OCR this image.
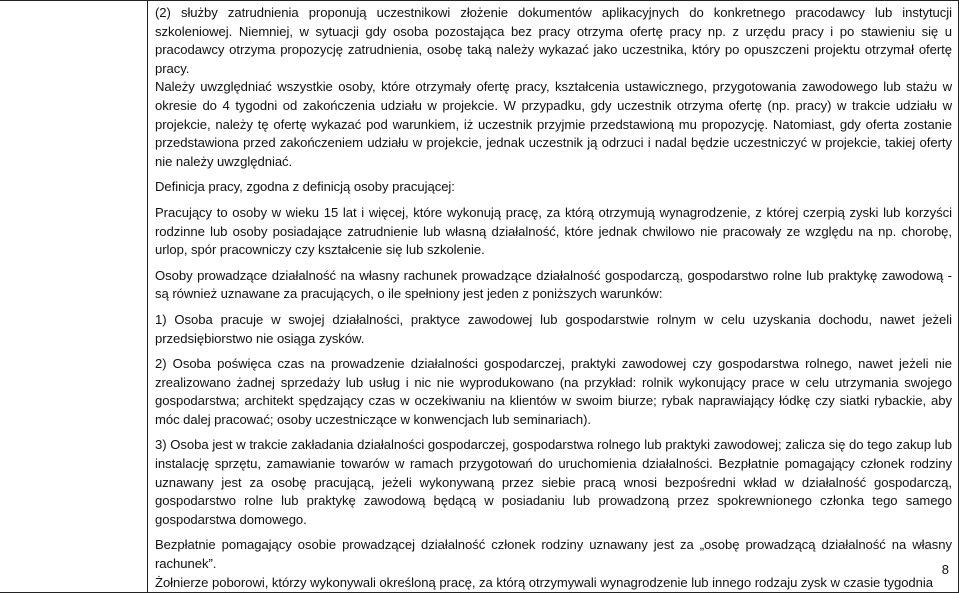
(2) służby zatrudnienia proponują uczestnikowi złożenie dokumentów aplikacyjnych do konkretnego pracodawcy lub instytucji szkoleniowej. Niemniej, w sytuacji gdy osoba pozostająca bez pracy otrzyma ofertę pracy np. z urzędu pracy i po stawieniu się u pracodawcy otrzyma propozycję zatrudnienia, osobę taką należy wykazać jako uczestnika, który po opuszczeni projektu otrzymał ofertę pracy.

Należy uwzględniać wszystkie osoby, które otrzymały ofertę pracy, kształcenia ustawicznego, przygotowania zawodowego lub stażu w okresie do 4 tygodni od zakończenia udziału w projekcie. W przypadku, gdy uczestnik otrzyma ofertę (np. pracy) w trakcie udziału w projekcie, należy tę ofertę wykazać pod warunkiem, iż uczestnik przyjmie przedstawioną mu propozycję. Natomiast, gdy oferta zostanie przedstawiona przed zakończeniem udziału w projekcie, jednak uczestnik ją odrzuci i nadal będzie uczestniczyć w projekcie, takiej oferty nie należy uwzględniać.

Definicja pracy, zgodna z definicją osoby pracującej:

Pracujący to osoby w wieku 15 lat i więcej, które wykonują pracę, za którą otrzymują wynagrodzenie, z której czerpią zyski lub korzyści rodzinne lub osoby posiadające zatrudnienie lub własną działalność, które jednak chwilowo nie pracowały ze względu na np. chorobę, urlop, spór pracowniczy czy kształcenie się lub szkolenie.

Osoby prowadzące działalność na własny rachunek prowadzące działalność gospodarczą, gospodarstwo rolne lub praktykę zawodową - są również uznawane za pracujących, o ile spełniony jest jeden z poniższych warunków:

1) Osoba pracuje w swojej działalności, praktyce zawodowej lub gospodarstwie rolnym w celu uzyskania dochodu, nawet jeżeli przedsiębiorstwo nie osiąga zysków.

2) Osoba poświęca czas na prowadzenie działalności gospodarczej, praktyki zawodowej czy gospodarstwa rolnego, nawet jeżeli nie zrealizowano żadnej sprzedaży lub usług i nic nie wyprodukowano (na przykład: rolnik wykonujący prace w celu utrzymania swojego gospodarstwa; architekt spędzający czas w oczekiwaniu na klientów w swoim biurze; rybak naprawiający łódkę czy siatki rybackie, aby móc dalej pracować; osoby uczestniczące w konwencjach lub seminariach).

3) Osoba jest w trakcie zakładania działalności gospodarczej, gospodarstwa rolnego lub praktyki zawodowej; zalicza się do tego zakup lub instalację sprzętu, zamawianie towarów w ramach przygotowań do uruchomienia działalności. Bezpłatnie pomagający członek rodziny uznawany jest za osobę pracującą, jeżeli wykonywaną przez siebie pracą wnosi bezpośredni wkład w działalność gospodarczą, gospodarstwo rolne lub praktykę zawodową będącą w posiadaniu lub prowadzoną przez spokrewnionego członka tego samego gospodarstwa domowego.

Bezpłatnie pomagający osobie prowadzącej działalność członek rodziny uznawany jest za „osobę prowadzącą działalność na własny rachunek”.

Żołnierze poborowi, którzy wykonywali określoną pracę, za którą otrzymywali wynagrodzenie lub innego rodzaju zysk w czasie tygodnia

8
